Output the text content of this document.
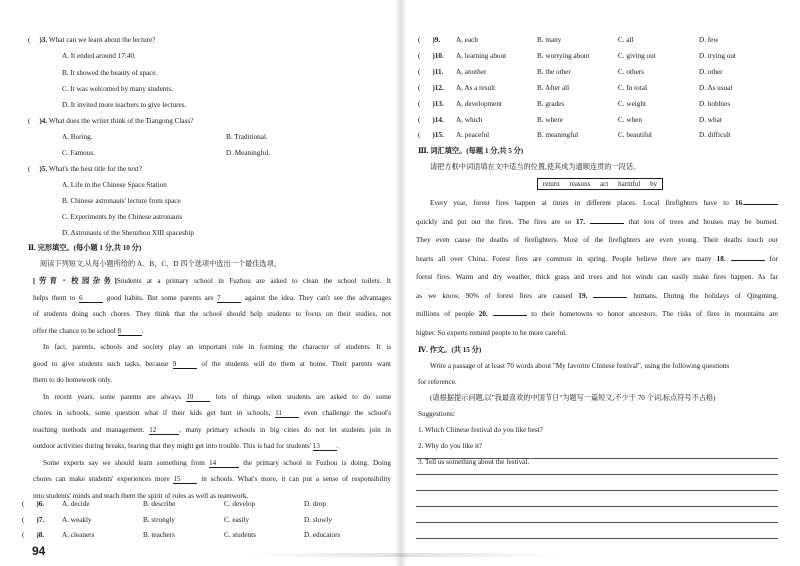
( )3. What can we learn about the lecture?
A. It ended around 17:40.
B. It showed the beauty of space.
C. It was welcomed by many students.
D. It invited more teachers to give lectures.
( )4. What does the writer think of the Tiangong Class?
A. Boring.	B. Traditional.
C. Famous.	D. Meaningful.
( )5. What's the best title for the text?
A. Life in the Chinese Space Station
B. Chinese astronauts' lecture from space
C. Experiments by the Chinese astronauts
D. Astronauts of the Shenzhou XIII spaceship
Ⅱ. 完形填空。(每小题 1 分,共 10 分)
阅读下列短文,从每小题所给的 A、B、C、D 四个选项中选出一个最佳选项。
[劳育・校园杂务]Students at a primary school in Fuzhou are asked to clean the school toilets. It
helps them to 6	good habits. But some parents are 7	against the idea. They can't see the advantages
of students doing such chores. They think that the school should help students to focus on their studies, not
offer the chance to be school 8	.
In fact, parents, schools and society play an important role in forming the character of students. It is
good to give students such tasks, because 9	of the students will do them at home. Their parents want
them to do homework only.
In recent years, some parents are always 10	lots of things when students are asked to do some
chores in schools, some question what if their kids get hurt in schools, 11	even challenge the school's
teaching methods and management. 12	, many primary schools in big cities do not let students join in
outdoor activities during breaks, fearing that they might get into trouble. This is bad for students' 13 .
Some experts say we should learn something from 14	the primary school in Fuzhou is doing. Doing
chores can make students' experiences more 15	in schools. What's more, it can put a sense of responsibility
into students' minds and teach them the spirit of rules as well as teamwork.
( )6. A. decide	B. describe	C. develop	D. drop
( )7. A. weakly	B. strongly	C. easily	D. slowly
( )8. A. cleaners	B. teachers	C. students	D. educators
94
( )9. A. each	B. many	C. all	D. few
( )10. A. learning about	B. worrying about	C. giving out	D. trying out
( )11. A. another	B. the other	C. others	D. other
( )12. A. As a result	B. After all	C. In total	D. As usual
( )13. A. development	B. grades	C. weight	D. hobbies
( )14. A. which	B. where	C. when	D. what
( )15. A. peaceful	B. meaningful	C. beautiful	D. difficult
Ⅲ. 词汇填空。(每题 1 分,共 5 分)
请把方框中词语填在文中适当的位置,使其成为通顺连贯的一段话。
return reasons act harmful by
Every year, forest fires happen at times in different places. Local firefighters have to 16.
quickly and put out the fires. The fires are so 17.	that lots of trees and houses may be burned.
They even cause the deaths of firefighters. Most of the firefighters are even young. Their deaths touch our
hearts all over China. Forest fires are common in spring. People believe there are many 18.	for
forest fires. Warm and dry weather, thick grass and trees and hot winds can easily make fires happen. As far
as we know, 90% of forest fires are caused 19.	humans. During the holidays of Qingming,
millions of people 20.	to their hometowns to honor ancestors. The risks of fires in mountains are
higher. So experts remind people to be more careful.
Ⅳ. 作文。(共 15 分)
Write a passage of at least 70 words about "My favorite Chinese festival", using the following questions
for reference.
(请根据提示问题,以"我最喜欢的中国节日"为题写一篇短文,不少于 70 个词,标点符号不占格)
Suggestions:
1. Which Chinese festival do you like best?
2. Why do you like it?
3. Tell us something about the festival.
